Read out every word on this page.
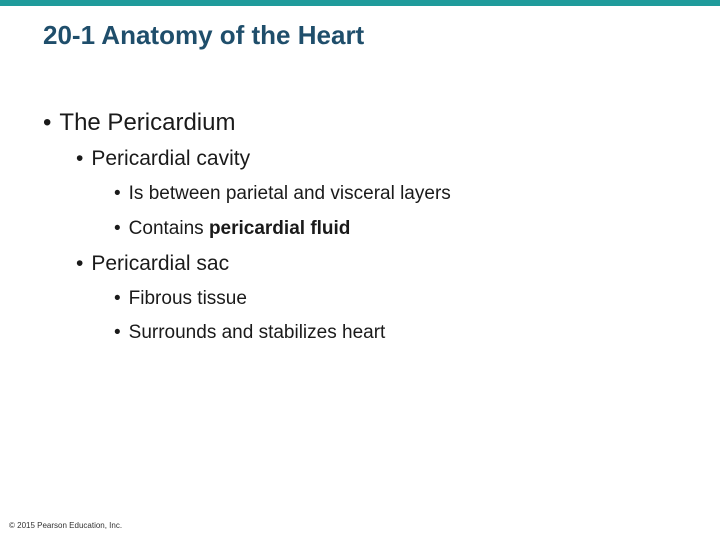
20-1 Anatomy of the Heart
• The Pericardium
• Pericardial cavity
• Is between parietal and visceral layers
• Contains pericardial fluid
• Pericardial sac
• Fibrous tissue
• Surrounds and stabilizes heart
© 2015 Pearson Education, Inc.
